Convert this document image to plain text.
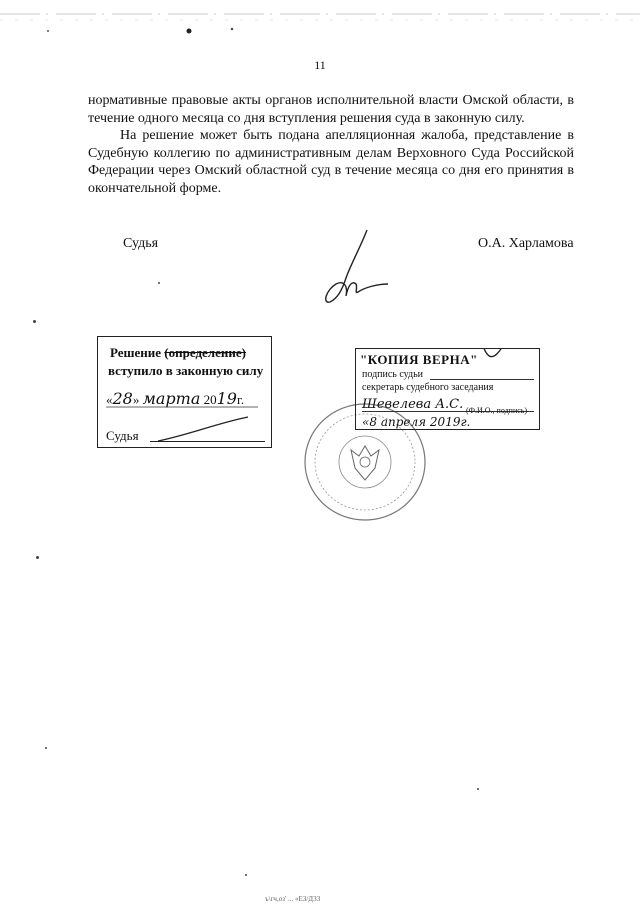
11

нормативные правовые акты органов исполнительной власти Омской области, в течение одного месяца со дня вступления решения суда в законную силу.

На решение может быть подана апелляционная жалоба, представление в Судебную коллегию по административным делам Верховного Суда Российской Федерации через Омский областной суд в течение месяца со дня его принятия в окончательной форме.

Судья	О.А. Харламова
Решение (определение)
вступило в законную силу
«28» марта 2019г.
Судья
"КОПИЯ ВЕРНА"
подпись судьи
секретарь судебного заседания
Шевелева А.С. (Ф.И.О., подпись)
«8 апреля 2019г.
ъ\гч,оз' ... «ЕЗ/ДЗЗ
